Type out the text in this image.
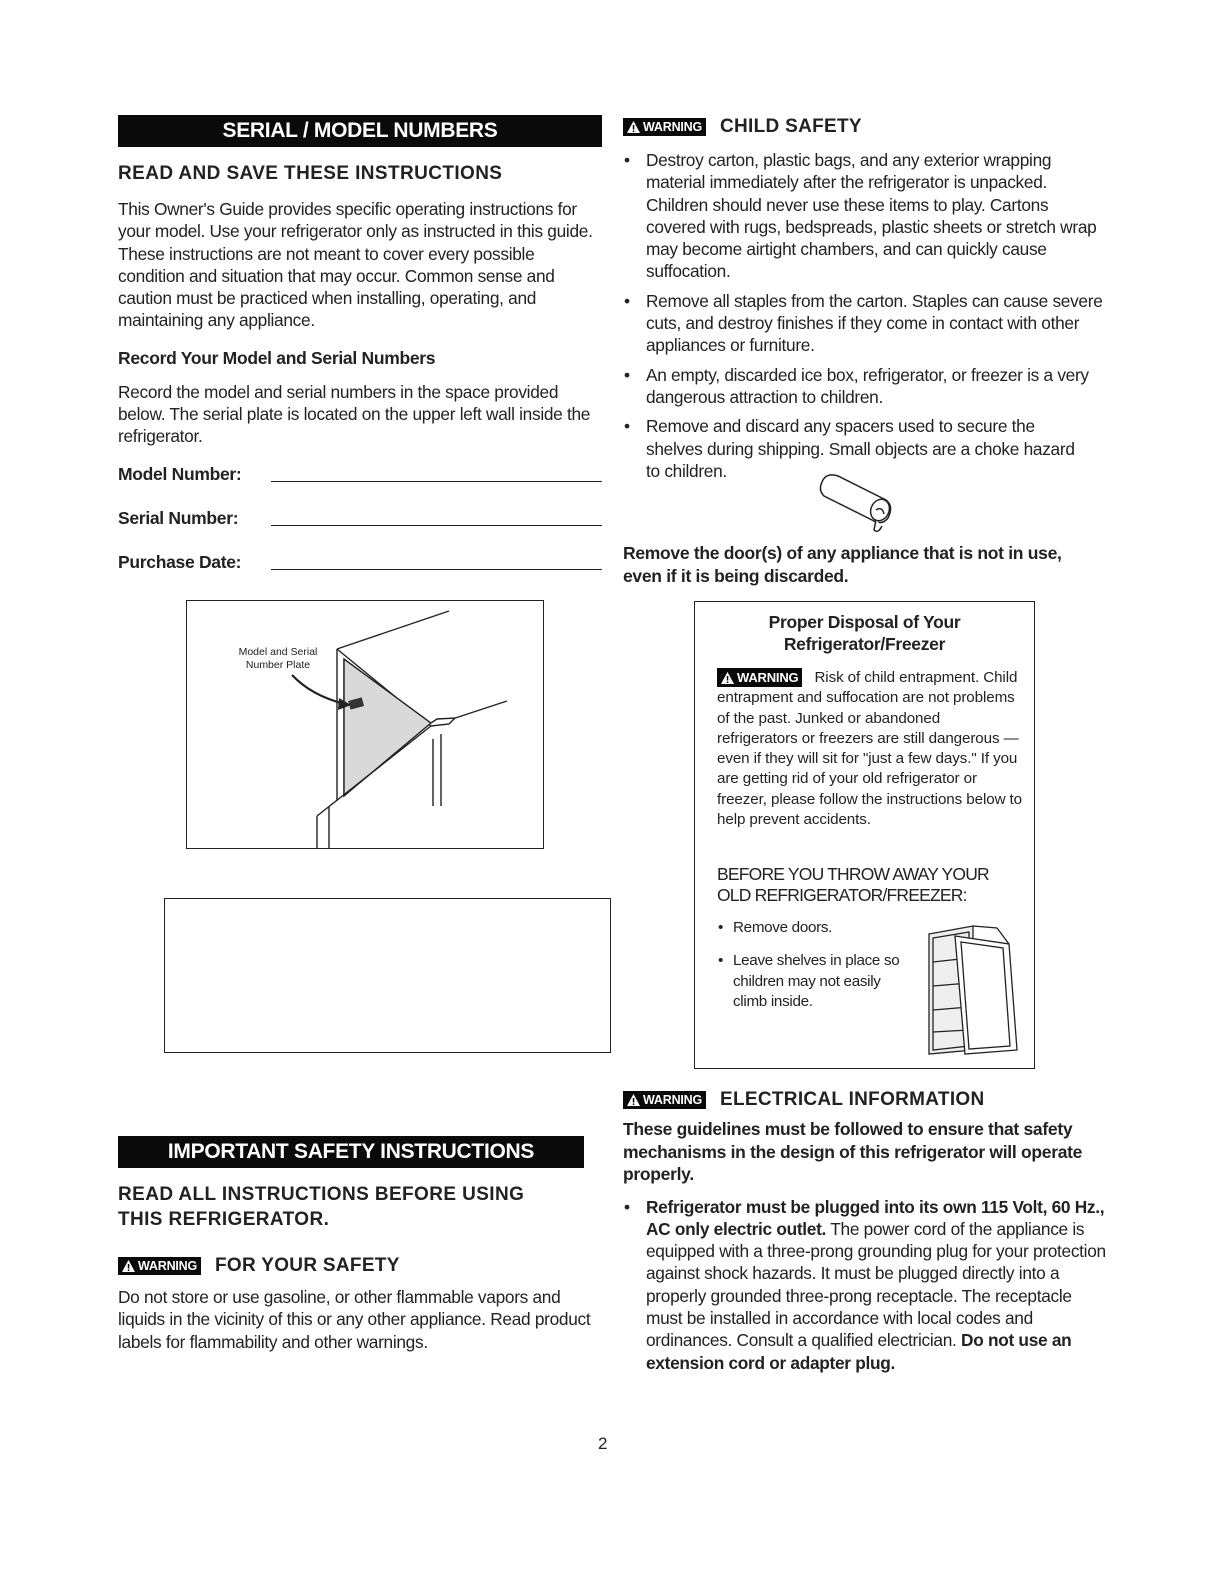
SERIAL / MODEL NUMBERS
READ AND SAVE THESE INSTRUCTIONS

This Owner's Guide provides specific operating instructions for your model. Use your refrigerator only as instructed in this guide. These instructions are not meant to cover every possible condition and situation that may occur. Common sense and caution must be practiced when installing, operating, and maintaining any appliance.

Record Your Model and Serial Numbers

Record the model and serial numbers in the space provided below. The serial plate is located on the upper left wall inside the refrigerator.

Model Number:
Serial Number:
Purchase Date:
Model and Serial
Number Plate
IMPORTANT SAFETY INSTRUCTIONS

READ ALL INSTRUCTIONS BEFORE USING
THIS REFRIGERATOR.

WARNING FOR YOUR SAFETY

Do not store or use gasoline, or other flammable vapors and liquids in the vicinity of this or any other appliance. Read product labels for flammability and other warnings.

WARNING CHILD SAFETY
• Destroy carton, plastic bags, and any exterior wrapping material immediately after the refrigerator is unpacked. Children should never use these items to play. Cartons covered with rugs, bedspreads, plastic sheets or stretch wrap may become airtight chambers, and can quickly cause suffocation.
• Remove all staples from the carton. Staples can cause severe cuts, and destroy finishes if they come in contact with other appliances or furniture.
• An empty, discarded ice box, refrigerator, or freezer is a very dangerous attraction to children.
• Remove and discard any spacers used to secure the shelves during shipping. Small objects are a choke hazard to children.

Remove the door(s) of any appliance that is not in use, even if it is being discarded.

Proper Disposal of Your
Refrigerator/Freezer
WARNING Risk of child entrapment. Child entrapment and suffocation are not problems of the past. Junked or abandoned refrigerators or freezers are still dangerous — even if they will sit for "just a few days." If you are getting rid of your old refrigerator or freezer, please follow the instructions below to help prevent accidents.
BEFORE YOU THROW AWAY YOUR
OLD REFRIGERATOR/FREEZER:
• Remove doors.
• Leave shelves in place so children may not easily climb inside.
WARNING ELECTRICAL INFORMATION

These guidelines must be followed to ensure that safety mechanisms in the design of this refrigerator will operate properly.

• Refrigerator must be plugged into its own 115 Volt, 60 Hz., AC only electric outlet. The power cord of the appliance is equipped with a three-prong grounding plug for your protection against shock hazards. It must be plugged directly into a properly grounded three-prong receptacle. The receptacle must be installed in accordance with local codes and ordinances. Consult a qualified electrician. Do not use an extension cord or adapter plug.
2
